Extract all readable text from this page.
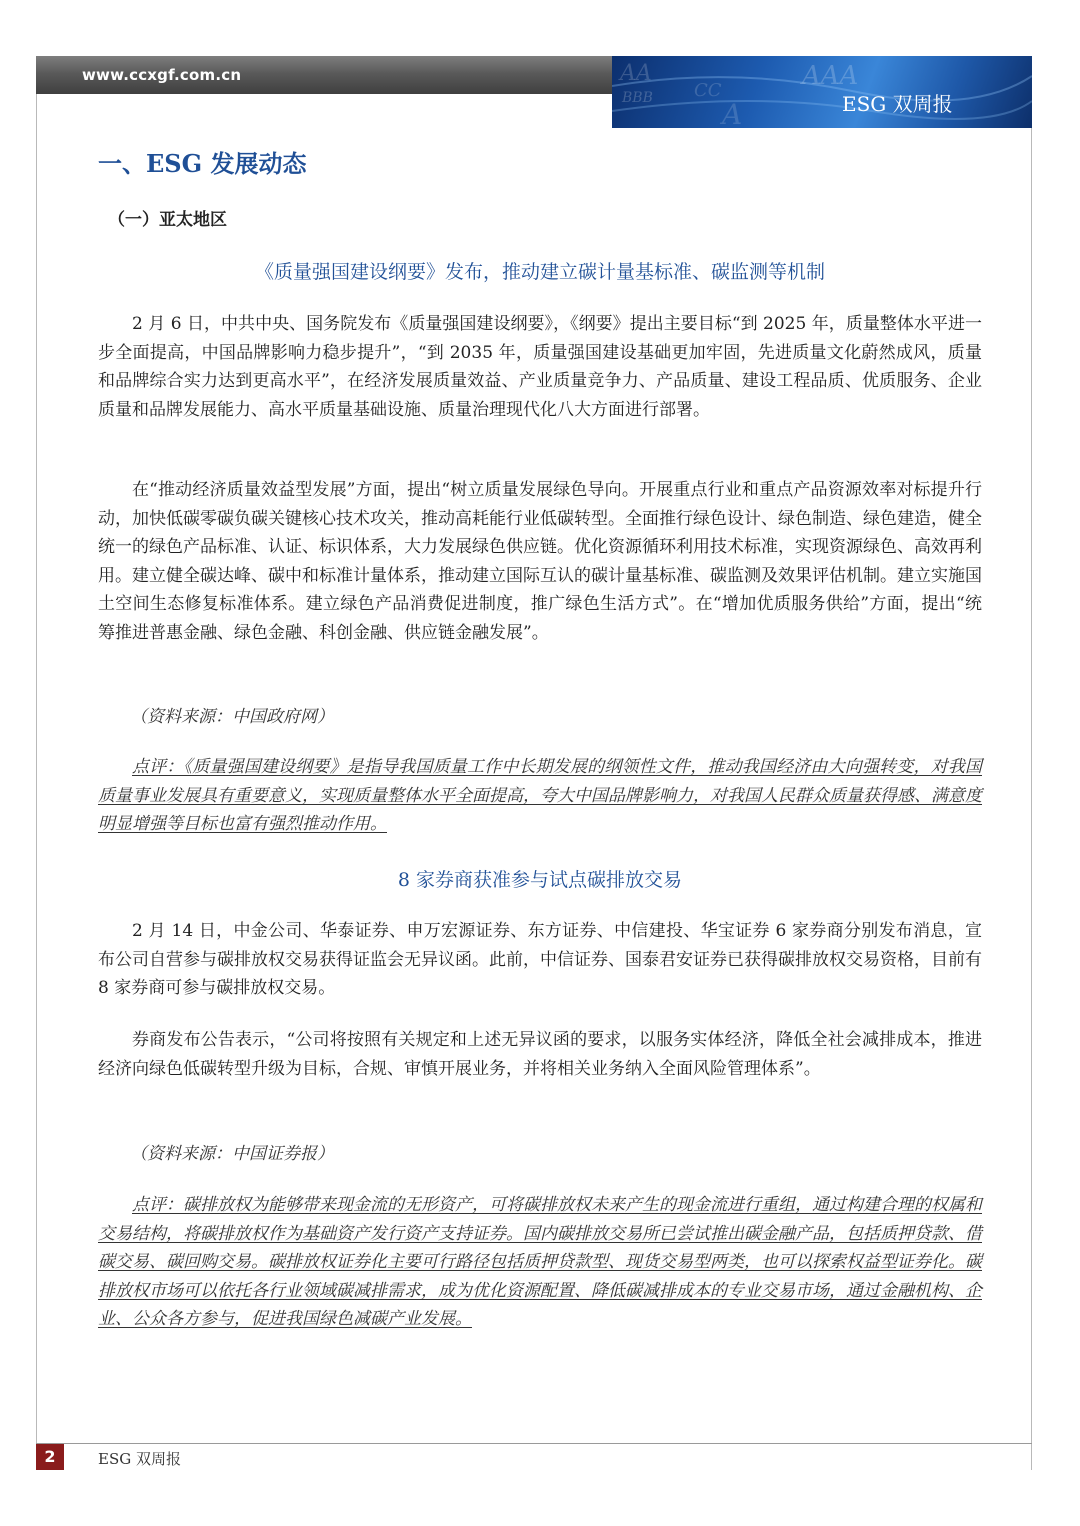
www.ccxgf.com.cn	AA
BBB CC
A
AAA
ESG 双周报
一、ESG 发展动态
（一）亚太地区
《质量强国建设纲要》发布，推动建立碳计量基标准、碳监测等机制

2 月 6 日，中共中央、国务院发布《质量强国建设纲要》，《纲要》提出主要目标“到 2025 年，质量整体水平进一步全面提高，中国品牌影响力稳步提升”，“到 2035 年，质量强国建设基础更加牢固，先进质量文化蔚然成风，质量和品牌综合实力达到更高水平”，在经济发展质量效益、产业质量竞争力、产品质量、建设工程品质、优质服务、企业质量和品牌发展能力、高水平质量基础设施、质量治理现代化八大方面进行部署。

在“推动经济质量效益型发展”方面，提出“树立质量发展绿色导向。开展重点行业和重点产品资源效率对标提升行动，加快低碳零碳负碳关键核心技术攻关，推动高耗能行业低碳转型。全面推行绿色设计、绿色制造、绿色建造，健全统一的绿色产品标准、认证、标识体系，大力发展绿色供应链。优化资源循环利用技术标准，实现资源绿色、高效再利用。建立健全碳达峰、碳中和标准计量体系，推动建立国际互认的碳计量基标准、碳监测及效果评估机制。建立实施国土空间生态修复标准体系。建立绿色产品消费促进制度，推广绿色生活方式”。在“增加优质服务供给”方面，提出“统筹推进普惠金融、绿色金融、科创金融、供应链金融发展”。

（资料来源：中国政府网）

点评：《质量强国建设纲要》是指导我国质量工作中长期发展的纲领性文件，推动我国经济由大向强转变，对我国质量事业发展具有重要意义，实现质量整体水平全面提高，夸大中国品牌影响力，对我国人民群众质量获得感、满意度明显增强等目标也富有强烈推动作用。

8 家券商获准参与试点碳排放交易

2 月 14 日，中金公司、华泰证券、申万宏源证券、东方证券、中信建投、华宝证券 6 家券商分别发布消息，宣布公司自营参与碳排放权交易获得证监会无异议函。此前，中信证券、国泰君安证券已获得碳排放权交易资格，目前有 8 家券商可参与碳排放权交易。

券商发布公告表示，“公司将按照有关规定和上述无异议函的要求，以服务实体经济，降低全社会减排成本，推进经济向绿色低碳转型升级为目标，合规、审慎开展业务，并将相关业务纳入全面风险管理体系”。

（资料来源：中国证券报）

点评：碳排放权为能够带来现金流的无形资产，可将碳排放权未来产生的现金流进行重组，通过构建合理的权属和交易结构，将碳排放权作为基础资产发行资产支持证券。国内碳排放交易所已尝试推出碳金融产品，包括质押贷款、借碳交易、碳回购交易。碳排放权证券化主要可行路径包括质押贷款型、现货交易型两类，也可以探索权益型证券化。碳排放权市场可以依托各行业领域碳减排需求，成为优化资源配置、降低碳减排成本的专业交易市场，通过金融机构、企业、公众各方参与，促进我国绿色减碳产业发展。

2	ESG 双周报
